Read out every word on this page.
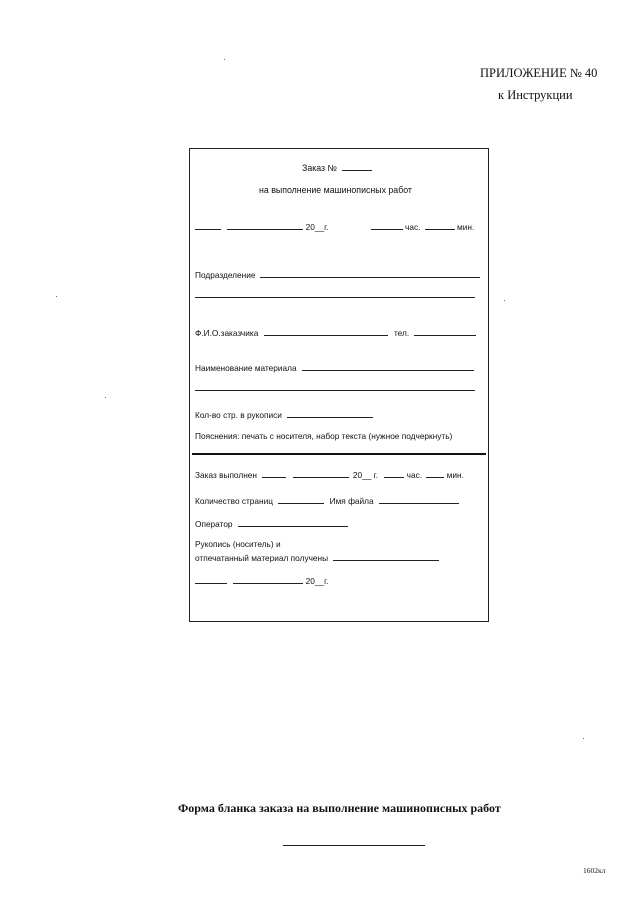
ПРИЛОЖЕНИЕ № 40
к Инструкции
Заказ №
на выполнение машинописных работ
20__г.	час.	мин.
Подразделение
Ф.И.О.заказчика	тел.
Наименование материала
Кол-во стр. в рукописи
Пояснения: печать с носителя, набор текста (нужное подчеркнуть)
Заказ выполнен	20__ г.	час.	мин.
Количество страниц	Имя файла
Оператор
Рукопись (носитель) и
отпечатанный материал получены
20__г.
Форма бланка заказа на выполнение машинописных работ
1602кл
